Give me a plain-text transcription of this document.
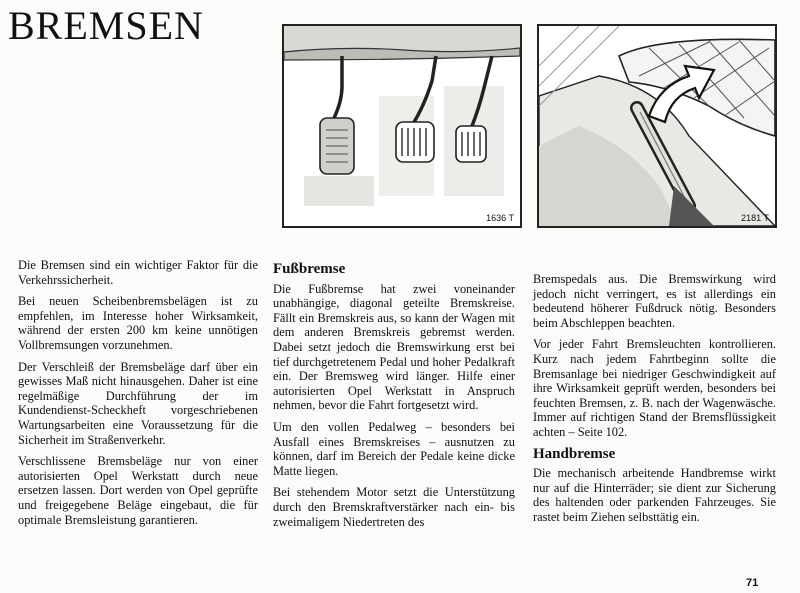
BREMSEN
1636 T	2181 T

Die Bremsen sind ein wichtiger Faktor für die Verkehrssicherheit.

Bei neuen Scheibenbremsbelägen ist zu empfehlen, im Interesse hoher Wirksamkeit, während der ersten 200 km keine unnötigen Vollbremsungen vorzunehmen.

Der Verschleiß der Bremsbeläge darf über ein gewisses Maß nicht hinausgehen. Daher ist eine regelmäßige Durchführung der im Kundendienst-Scheckheft vorgeschriebenen Wartungsarbeiten eine Voraussetzung für die Sicherheit im Straßenverkehr.

Verschlissene Bremsbeläge nur von einer autorisierten Opel Werkstatt durch neue ersetzen lassen. Dort werden von Opel geprüfte und freigegebene Beläge eingebaut, die für optimale Bremsleistung garantieren.

Fußbremse

Die Fußbremse hat zwei voneinander unabhängige, diagonal geteilte Bremskreise. Fällt ein Bremskreis aus, so kann der Wagen mit dem anderen Bremskreis gebremst werden. Dabei setzt jedoch die Bremswirkung erst bei tief durchgetretenem Pedal und hoher Pedalkraft ein. Der Bremsweg wird länger. Hilfe einer autorisierten Opel Werkstatt in Anspruch nehmen, bevor die Fahrt fortgesetzt wird.

Um den vollen Pedalweg – besonders bei Ausfall eines Bremskreises – ausnutzen zu können, darf im Bereich der Pedale keine dicke Matte liegen.

Bei stehendem Motor setzt die Unterstützung durch den Bremskraftverstärker nach ein- bis zweimaligem Niedertreten des

Bremspedals aus. Die Bremswirkung wird jedoch nicht verringert, es ist allerdings ein bedeutend höherer Fußdruck nötig. Besonders beim Abschleppen beachten.

Vor jeder Fahrt Bremsleuchten kontrollieren. Kurz nach jedem Fahrtbeginn sollte die Bremsanlage bei niedriger Geschwindigkeit auf ihre Wirksamkeit geprüft werden, besonders bei feuchten Bremsen, z. B. nach der Wagenwäsche. Immer auf richtigen Stand der Bremsflüssigkeit achten – Seite 102.

Handbremse

Die mechanisch arbeitende Handbremse wirkt nur auf die Hinterräder; sie dient zur Sicherung des haltenden oder parkenden Fahrzeuges. Sie rastet beim Ziehen selbsttätig ein.

71
